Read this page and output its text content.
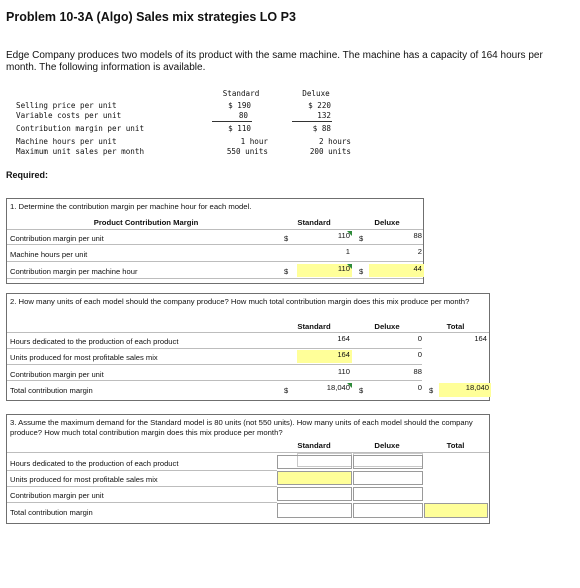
Problem 10-3A (Algo) Sales mix strategies LO P3
Edge Company produces two models of its product with the same machine. The machine has a capacity of 164 hours per month. The following information is available.
Standard	Deluxe
Selling price per unit	$ 190	$ 220
Variable costs per unit	80	132
Contribution margin per unit	$ 110	$ 88
Machine hours per unit	1 hour	2 hours
Maximum unit sales per month	550 units	200 units
Required:
1. Determine the contribution margin per machine hour for each model.
Product Contribution Margin	Standard	Deluxe
Contribution margin per unit	$	110 $	88
Machine hours per unit	1	2
Contribution margin per machine hour	$	110 $	44
2. How many units of each model should the company produce? How much total contribution margin does this mix produce per month?
Standard	Deluxe	Total
Hours dedicated to the production of each product	164	0	164
Units produced for most profitable sales mix	164	0
Contribution margin per unit	110	88
Total contribution margin	$	18,040 $	0 $	18,040
3. Assume the maximum demand for the Standard model is 80 units (not 550 units). How many units of each model should the company produce? How much total contribution margin does this mix produce per month?
Standard	Deluxe	Total
Hours dedicated to the production of each product
Units produced for most profitable sales mix
Contribution margin per unit
Total contribution margin
